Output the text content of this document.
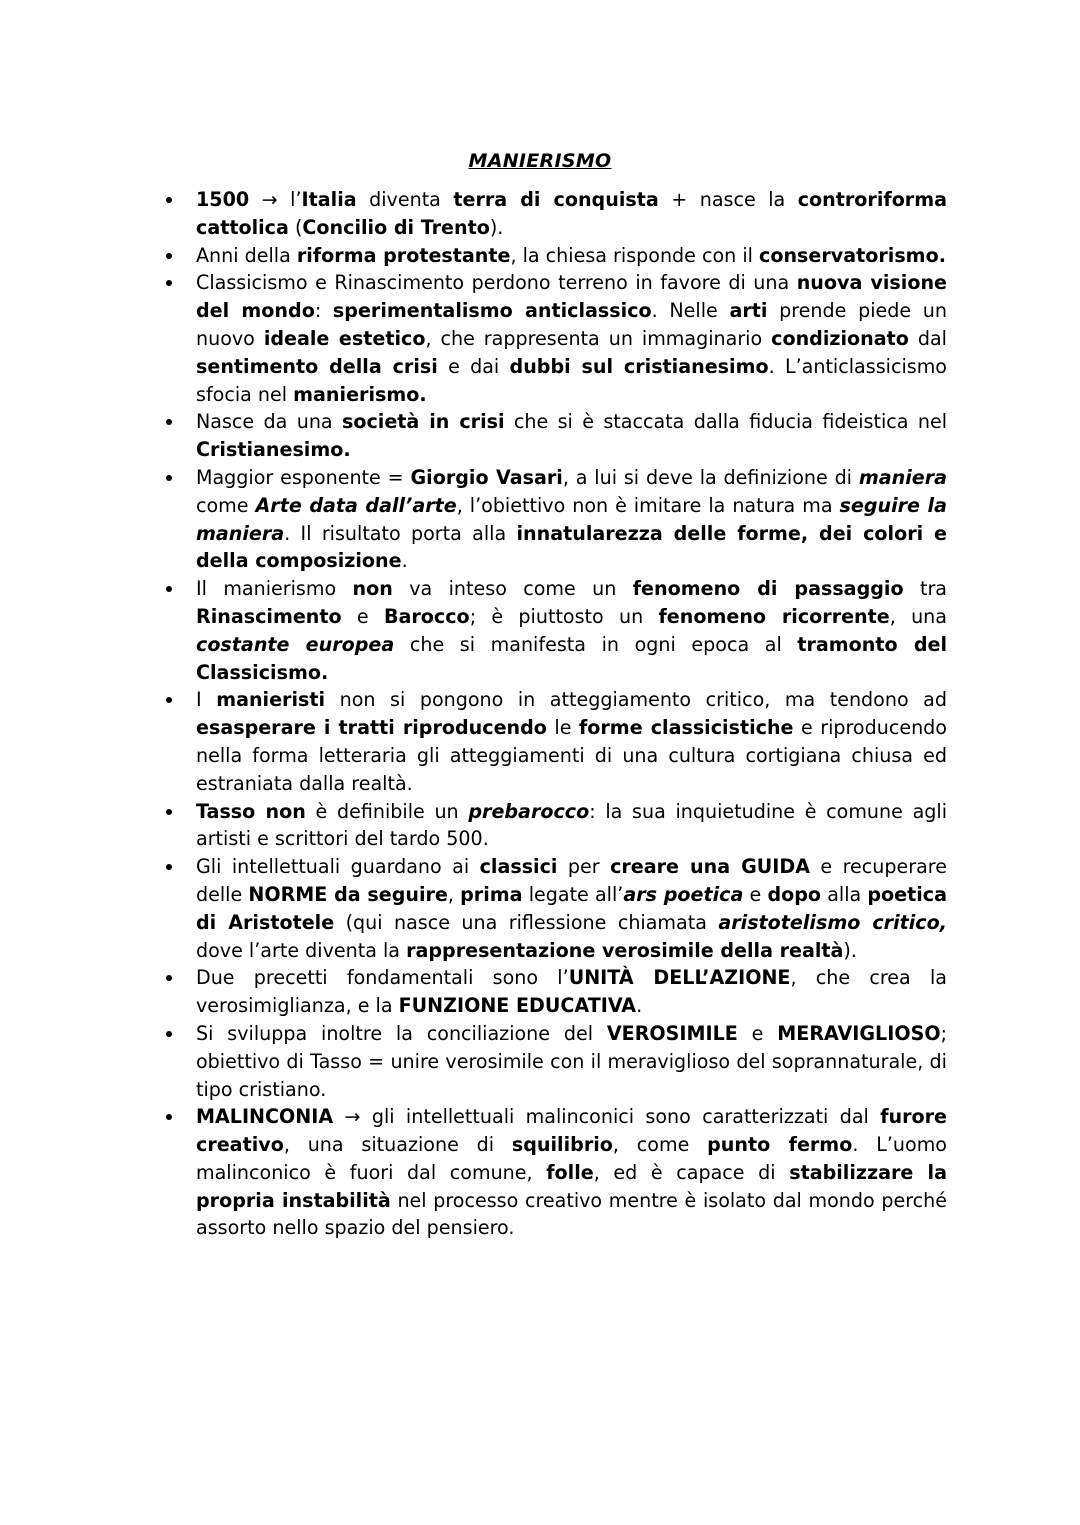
MANIERISMO
1500 → l’Italia diventa terra di conquista + nasce la controriforma cattolica (Concilio di Trento).
Anni della riforma protestante, la chiesa risponde con il conservatorismo.
Classicismo e Rinascimento perdono terreno in favore di una nuova visione del mondo: sperimentalismo anticlassico. Nelle arti prende piede un nuovo ideale estetico, che rappresenta un immaginario condizionato dal sentimento della crisi e dai dubbi sul cristianesimo. L’anticlassicismo sfocia nel manierismo.
Nasce da una società in crisi che si è staccata dalla fiducia fideistica nel Cristianesimo.
Maggior esponente = Giorgio Vasari, a lui si deve la definizione di maniera come Arte data dall’arte, l’obiettivo non è imitare la natura ma seguire la maniera. Il risultato porta alla innatularezza delle forme, dei colori e della composizione.
Il manierismo non va inteso come un fenomeno di passaggio tra Rinascimento e Barocco; è piuttosto un fenomeno ricorrente, una costante europea che si manifesta in ogni epoca al tramonto del Classicismo.
I manieristi non si pongono in atteggiamento critico, ma tendono ad esasperare i tratti riproducendo le forme classicistiche e riproducendo nella forma letteraria gli atteggiamenti di una cultura cortigiana chiusa ed estraniata dalla realtà.
Tasso non è definibile un prebarocco: la sua inquietudine è comune agli artisti e scrittori del tardo 500.
Gli intellettuali guardano ai classici per creare una GUIDA e recuperare delle NORME da seguire, prima legate all’ars poetica e dopo alla poetica di Aristotele (qui nasce una riflessione chiamata aristotelismo critico, dove l’arte diventa la rappresentazione verosimile della realtà).
Due precetti fondamentali sono l’UNITÀ DELL’AZIONE, che crea la verosimiglianza, e la FUNZIONE EDUCATIVA.
Si sviluppa inoltre la conciliazione del VEROSIMILE e MERAVIGLIOSO; obiettivo di Tasso = unire verosimile con il meraviglioso del soprannaturale, di tipo cristiano.
MALINCONIA → gli intellettuali malinconici sono caratterizzati dal furore creativo, una situazione di squilibrio, come punto fermo. L’uomo malinconico è fuori dal comune, folle, ed è capace di stabilizzare la propria instabilità nel processo creativo mentre è isolato dal mondo perché assorto nello spazio del pensiero.
